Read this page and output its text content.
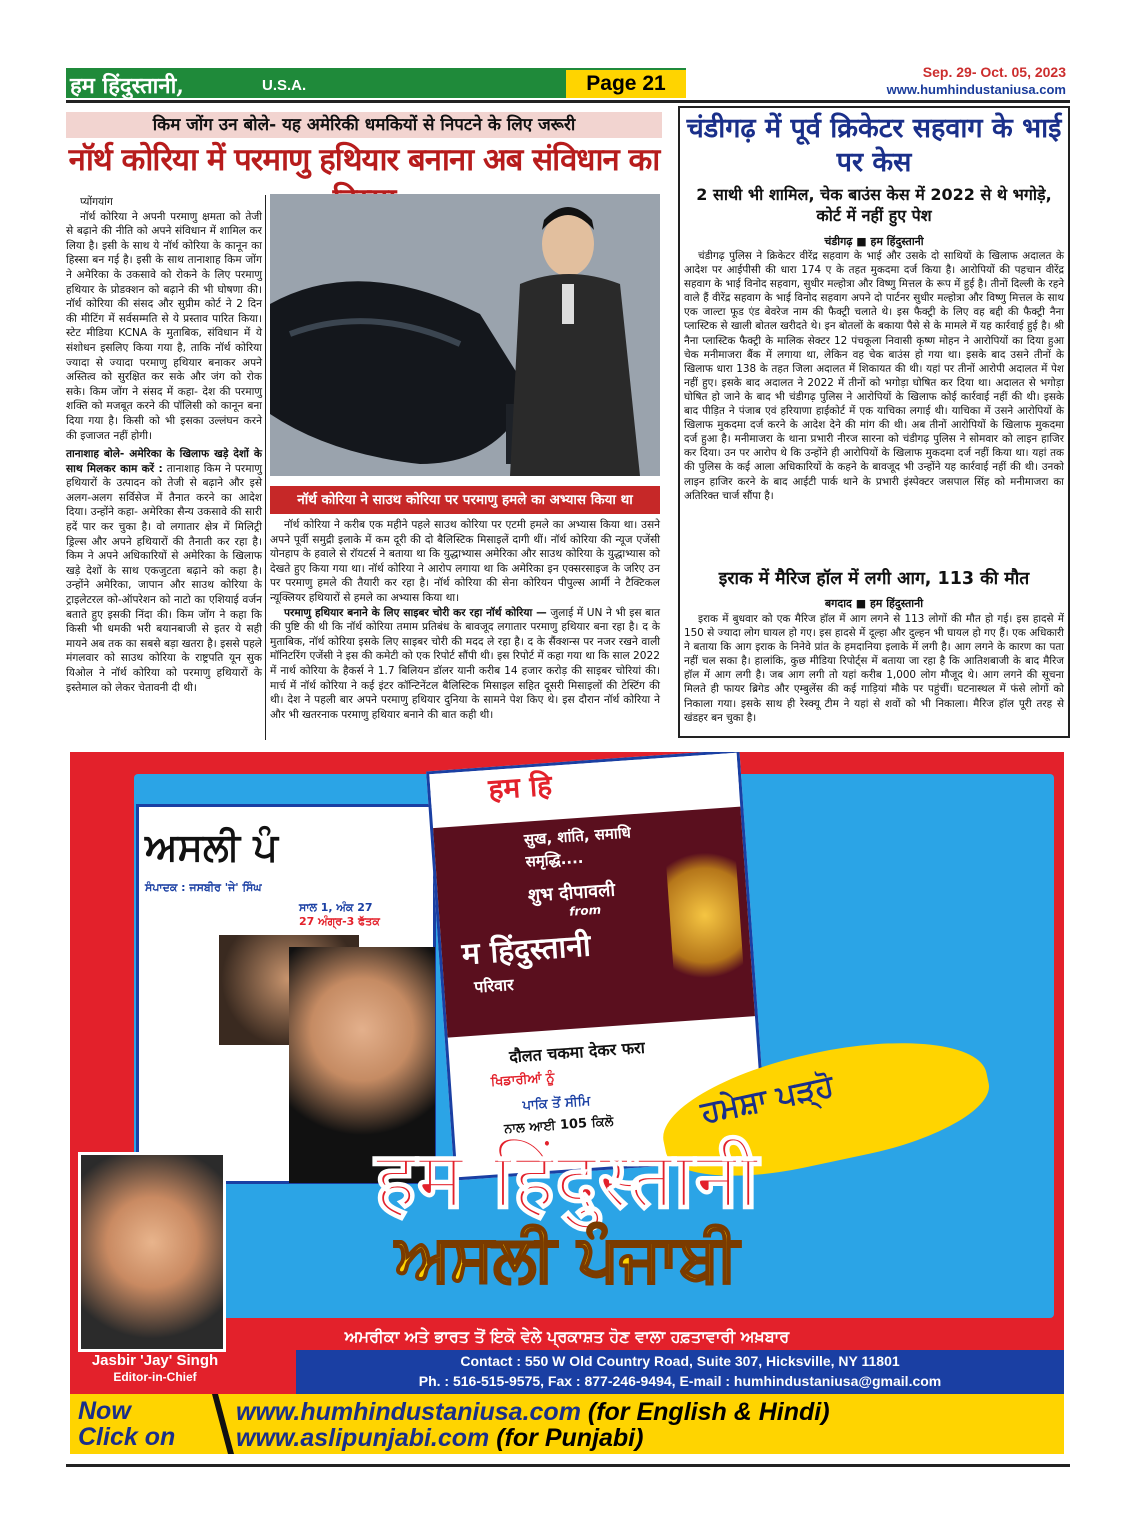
हम हिंदुस्तानी,	U.S.A.	Page 21	Sep. 29- Oct. 05, 2023
www.humhindustaniusa.com
किम जोंग उन बोले- यह अमेरिकी धमकियों से निपटने के लिए जरूरी
नॉर्थ कोरिया में परमाणु हथियार बनाना अब संविधान का

प्योंगयांग

नॉर्थ कोरिया ने अपनी परमाणु क्षमता को तेजी से बढ़ाने की नीति को अपने संविधान में शामिल कर लिया है। इसी के साथ ये नॉर्थ कोरिया के कानून का हिस्सा बन गई है। इसी के साथ तानाशाह किम जोंग ने अमेरिका के उकसावे को रोकने के लिए परमाणु हथियार के प्रोडक्शन को बढ़ाने की भी घोषणा की। नॉर्थ कोरिया की संसद और सुप्रीम कोर्ट ने 2 दिन की मीटिंग में सर्वसम्मति से ये प्रस्ताव पारित किया। स्टेट मीडिया KCNA के मुताबिक, संविधान में ये संशोधन इसलिए किया गया है, ताकि नॉर्थ कोरिया ज्यादा से ज्यादा परमाणु हथियार बनाकर अपने अस्तित्व को सुरक्षित कर सके और जंग को रोक सके। किम जोंग ने संसद में कहा- देश की परमाणु शक्ति को मजबूत करने की पॉलिसी को कानून बना दिया गया है। किसी को भी इसका उल्लंघन करने की इजाजत नहीं होगी।

तानाशाह बोले- अमेरिका के खिलाफ खड़े देशों के साथ मिलकर काम करें : तानाशाह किम ने परमाणु हथियारों के उत्पादन को तेजी से बढ़ाने और इसे अलग-अलग सर्विसेज में तैनात करने का आदेश दिया। उन्होंने कहा- अमेरिका सैन्य उकसावे की सारी हदें पार कर चुका है। वो लगातार क्षेत्र में मिलिट्री ड्रिल्स और अपने हथियारों की तैनाती कर रहा है। किम ने अपने अधिकारियों से अमेरिका के खिलाफ खड़े देशों के साथ एकजुटता बढ़ाने को कहा है। उन्होंने अमेरिका, जापान और साउथ कोरिया के ट्राइलेटरल को-ऑपरेशन को नाटो का एशियाई वर्जन बताते हुए इसकी निंदा की। किम जोंग ने कहा कि किसी भी धमकी भरी बयानबाजी से इतर ये सही मायने अब तक का सबसे बड़ा खतरा है। इससे पहले मंगलवार को साउथ कोरिया के राष्ट्रपति यून सुक यिओल ने नॉर्थ कोरिया को परमाणु हथियारों के इस्तेमाल को लेकर चेतावनी दी थी।

नॉर्थ कोरिया ने साउथ कोरिया पर परमाणु हमले का अभ्यास किया था

नॉर्थ कोरिया ने करीब एक महीने पहले साउथ कोरिया पर एटमी हमले का अभ्यास किया था। उसने अपने पूर्वी समुद्री इलाके में कम दूरी की दो बैलिस्टिक मिसाइलें दागी थीं। नॉर्थ कोरिया की न्यूज एजेंसी योनहाप के हवाले से रॉयटर्स ने बताया था कि युद्धाभ्यास अमेरिका और साउथ कोरिया के युद्धाभ्यास को देखते हुए किया गया था। नॉर्थ कोरिया ने आरोप लगाया था कि अमेरिका इन एक्सरसाइज के जरिए उन पर परमाणु हमले की तैयारी कर रहा है। नॉर्थ कोरिया की सेना कोरियन पीपुल्स आर्मी ने टैक्टिकल न्यूक्लियर हथियारों से हमले का अभ्यास किया था।

परमाणु हथियार बनाने के लिए साइबर चोरी कर रहा नॉर्थ कोरिया — जुलाई में UN ने भी इस बात की पुष्टि की थी कि नॉर्थ कोरिया तमाम प्रतिबंध के बावजूद लगातार परमाणु हथियार बना रहा है। द के मुताबिक, नॉर्थ कोरिया इसके लिए साइबर चोरी की मदद ले रहा है। द के सैंक्शन्स पर नजर रखने वाली मॉनिटरिंग एजेंसी ने इस की कमेटी को एक रिपोर्ट सौंपी थी। इस रिपोर्ट में कहा गया था कि साल 2022 में नार्थ कोरिया के हैकर्स ने 1.7 बिलियन डॉलर यानी करीब 14 हजार करोड़ की साइबर चोरियां की। मार्च में नॉर्थ कोरिया ने कई इंटर कॉन्टिनेंटल बैलिस्टिक मिसाइल सहित दूसरी मिसाइलों की टेस्टिंग की थी। देश ने पहली बार अपने परमाणु हथियार दुनिया के सामने पेश किए थे। इस दौरान नॉर्थ कोरिया ने और भी खतरनाक परमाणु हथियार बनाने की बात कही थी।

चंडीगढ़ में पूर्व क्रिकेटर सहवाग के भाई पर केस
2 साथी भी शामिल, चेक बाउंस केस में 2022 से थे भगोड़े, कोर्ट में नहीं हुए पेश
चंडीगढ़ ■ हम हिंदुस्तानी
चंडीगढ़ पुलिस ने क्रिकेटर वीरेंद्र सहवाग के भाई और उसके दो साथियों के खिलाफ अदालत के आदेश पर आईपीसी की धारा 174 ए के तहत मुकदमा दर्ज किया है। आरोपियों की पहचान वीरेंद्र सहवाग के भाई विनोद सहवाग, सुधीर मल्होत्रा और विष्णु मित्तल के रूप में हुई है। तीनों दिल्ली के रहने वाले हैं वीरेंद्र सहवाग के भाई विनोद सहवाग अपने दो पार्टनर सुधीर मल्होत्रा और विष्णु मित्तल के साथ एक जाल्टा फूड एंड बेवरेज नाम की फैक्ट्री चलाते थे। इस फैक्ट्री के लिए वह बद्दी की फैक्ट्री नैना प्लास्टिक से खाली बोतल खरीदते थे। इन बोतलों के बकाया पैसे से के मामले में यह कार्रवाई हुई है। श्री नैना प्लास्टिक फैक्ट्री के मालिक सेक्टर 12 पंचकूला निवासी कृष्ण मोहन ने आरोपियों का दिया हुआ चेक मनीमाजरा बैंक में लगाया था, लेकिन वह चेक बाउंस हो गया था। इसके बाद उसने तीनों के खिलाफ धारा 138 के तहत जिला अदालत में शिकायत की थी। यहां पर तीनों आरोपी अदालत में पेश नहीं हुए। इसके बाद अदालत ने 2022 में तीनों को भगोड़ा घोषित कर दिया था। अदालत से भगोड़ा घोषित हो जाने के बाद भी चंडीगढ़ पुलिस ने आरोपियों के खिलाफ कोई कार्रवाई नहीं की थी। इसके बाद पीड़ित ने पंजाब एवं हरियाणा हाईकोर्ट में एक याचिका लगाई थी। याचिका में उसने आरोपियों के खिलाफ मुकदमा दर्ज करने के आदेश देने की मांग की थी। अब तीनों आरोपियों के खिलाफ मुकदमा दर्ज हुआ है। मनीमाजरा के थाना प्रभारी नीरज सारना को चंडीगढ़ पुलिस ने सोमवार को लाइन हाजिर कर दिया। उन पर आरोप थे कि उन्होंने ही आरोपियों के खिलाफ मुकदमा दर्ज नहीं किया था। यहां तक की पुलिस के कई आला अधिकारियों के कहने के बावजूद भी उन्होंने यह कार्रवाई नहीं की थी। उनको लाइन हाजिर करने के बाद आईटी पार्क थाने के प्रभारी इंस्पेक्टर जसपाल सिंह को मनीमाजरा का अतिरिक्त चार्ज सौंपा है।
इराक में मैरिज हॉल में लगी आग, 113 की मौत
बगदाद ■ हम हिंदुस्तानी
इराक में बुधवार को एक मैरिज हॉल में आग लगने से 113 लोगों की मौत हो गई। इस हादसे में 150 से ज्यादा लोग घायल हो गए। इस हादसे में दूल्हा और दुल्हन भी घायल हो गए हैं। एक अधिकारी ने बताया कि आग इराक के निनेवे प्रांत के हमदानिया इलाके में लगी है। आग लगने के कारण का पता नहीं चल सका है। हालांकि, कुछ मीडिया रिपोर्ट्स में बताया जा रहा है कि आतिशबाजी के बाद मैरिज हॉल में आग लगी है। जब आग लगी तो यहां करीब 1,000 लोग मौजूद थे। आग लगने की सूचना मिलते ही फायर ब्रिगेड और एम्बुलेंस की कई गाड़ियां मौके पर पहुंचीं। घटनास्थल में फंसे लोगों को निकाला गया। इसके साथ ही रेस्क्यू टीम ने यहां से शवों को भी निकाला। मैरिज हॉल पूरी तरह से खंडहर बन चुका है।
ਅਸਲੀ ਪੰ
ਸੰਪਾਦਕ : ਜਸਬੀਰ 'ਜੇ' ਸਿੰਘ
ਸਾਲ 1, ਅੰਕ 27
27 ਅੰਗ੍ਰ-3 ਫੱਤਕ
हम हि
सुख, शांति, समाधि
समृद्धि....
शुभ दीपावली
from
म हिंदुस्तानी
परिवार
दौलत चकमा देकर फरा
ਖਿਡਾਰੀਆਂ ਨੂੰ
ਪਾਕਿ ਤੋਂ ਸੀਮਿ
ਨਾਲ ਆਈ 105 ਕਿਲੋ	ਹਮੇਸ਼ਾ ਪੜ੍ਹੋ
Jasbir 'Jay' Singh
Editor-in-Chief
हम हिंदुस्तानी
ਅਸਲੀ ਪੰਜਾਬੀ
ਅਮਰੀਕਾ ਅਤੇ ਭਾਰਤ ਤੋਂ ਇਕੋ ਵੇਲੇ ਪ੍ਰਕਾਸ਼ਤ ਹੋਣ ਵਾਲਾ ਹਫ਼ਤਾਵਾਰੀ ਅਖ਼ਬਾਰ
Contact : 550 W Old Country Road, Suite 307, Hicksville, NY 11801
Ph. : 516-515-9575, Fax : 877-246-9494, E-mail : humhindustaniusa@gmail.com
Now
Click on
www.humhindustaniusa.com (for English & Hindi)
www.aslipunjabi.com (for Punjabi)
